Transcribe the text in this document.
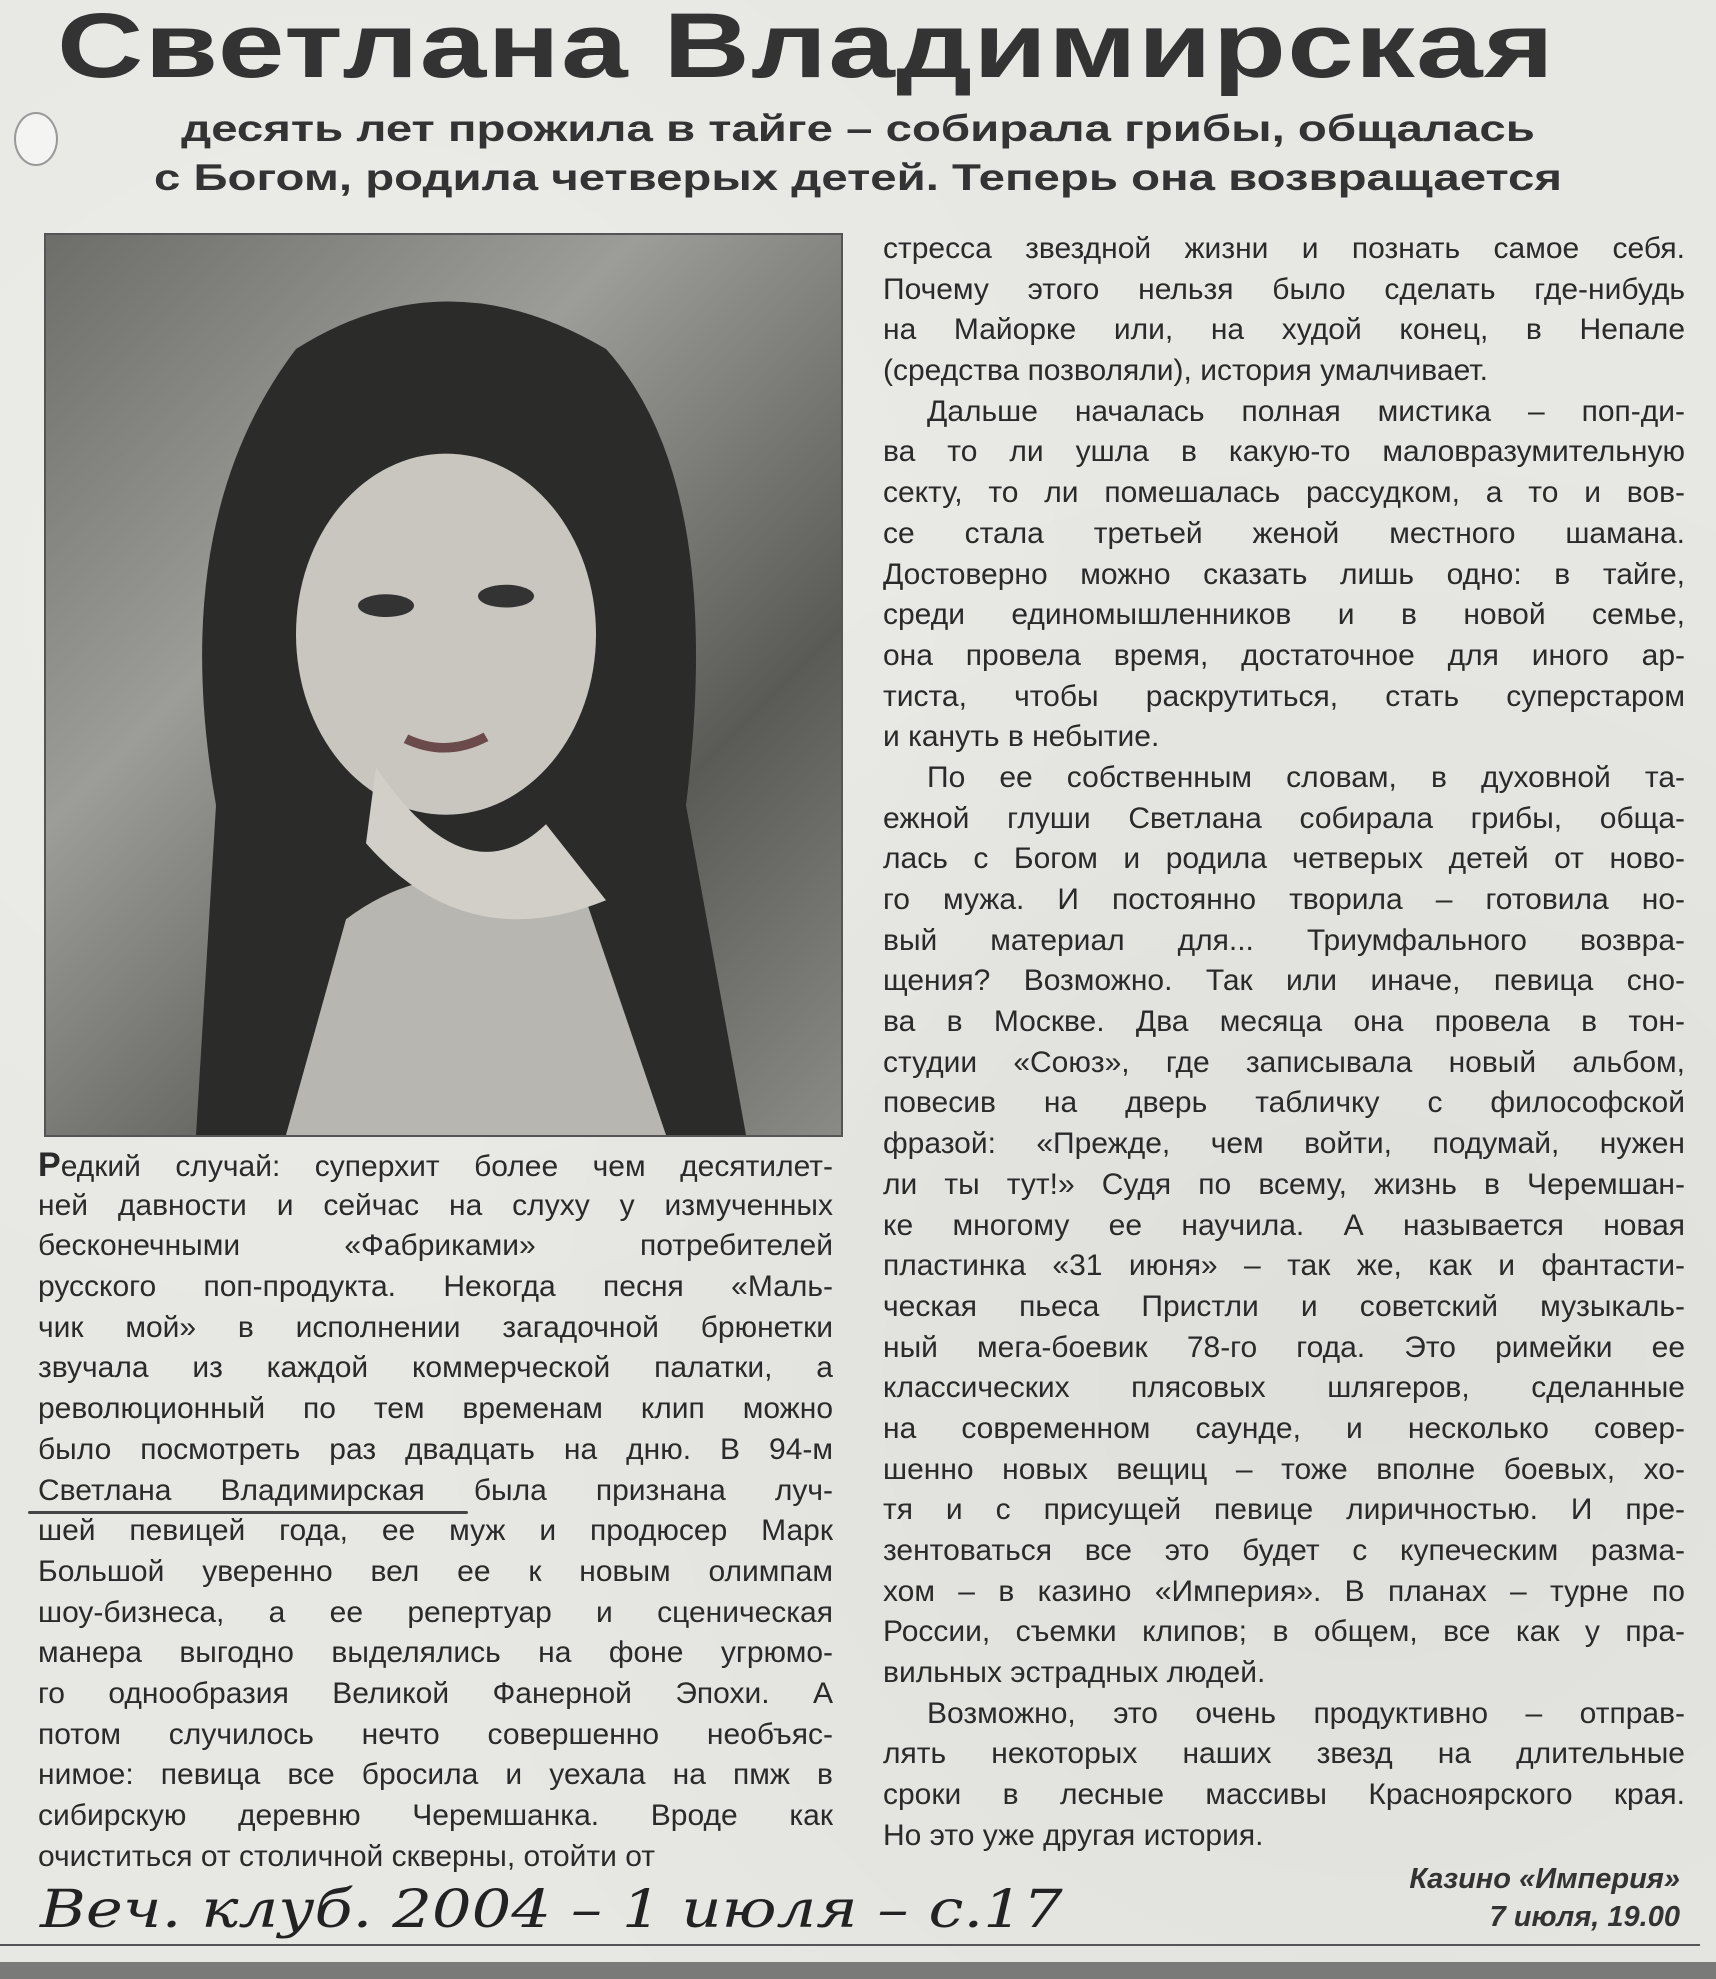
Светлана Владимирская
десять лет прожила в тайге – собирала грибы, общалась
с Богом, родила четверых детей. Теперь она возвращается
Редкий случай: суперхит более чем десятилет-
ней давности и сейчас на слуху у измученных
бесконечными «Фабриками» потребителей
русского поп-продукта. Некогда песня «Маль-
чик мой» в исполнении загадочной брюнетки
звучала из каждой коммерческой палатки, а
революционный по тем временам клип можно
было посмотреть раз двадцать на дню. В 94-м
Светлана Владимирская была признана луч-
шей певицей года, ее муж и продюсер Марк
Большой уверенно вел ее к новым олимпам
шоу-бизнеса, а ее репертуар и сценическая
манера выгодно выделялись на фоне угрюмо-
го однообразия Великой Фанерной Эпохи. А
потом случилось нечто совершенно необъяс-
нимое: певица все бросила и уехала на пмж в
сибирскую деревню Черемшанка. Вроде как
очиститься от столичной скверны, отойти от
стресса звездной жизни и познать самое себя.
Почему этого нельзя было сделать где-нибудь
на Майорке или, на худой конец, в Непале
(средства позволяли), история умалчивает.
Дальше началась полная мистика – поп-ди-
ва то ли ушла в какую-то маловразумительную
секту, то ли помешалась рассудком, а то и вов-
се стала третьей женой местного шамана.
Достоверно можно сказать лишь одно: в тайге,
среди единомышленников и в новой семье,
она провела время, достаточное для иного ар-
тиста, чтобы раскрутиться, стать суперстаром
и кануть в небытие.
По ее собственным словам, в духовной та-
ежной глуши Светлана собирала грибы, обща-
лась с Богом и родила четверых детей от ново-
го мужа. И постоянно творила – готовила но-
вый материал для... Триумфального возвра-
щения? Возможно. Так или иначе, певица сно-
ва в Москве. Два месяца она провела в тон-
студии «Союз», где записывала новый альбом,
повесив на дверь табличку с философской
фразой: «Прежде, чем войти, подумай, нужен
ли ты тут!» Судя по всему, жизнь в Черемшан-
ке многому ее научила. А называется новая
пластинка «31 июня» – так же, как и фантасти-
ческая пьеса Пристли и советский музыкаль-
ный мега-боевик 78-го года. Это римейки ее
классических плясовых шлягеров, сделанные
на современном саунде, и несколько совер-
шенно новых вещиц – тоже вполне боевых, хо-
тя и с присущей певице лиричностью. И пре-
зентоваться все это будет с купеческим разма-
хом – в казино «Империя». В планах – турне по
России, съемки клипов; в общем, все как у пра-
вильных эстрадных людей.
Возможно, это очень продуктивно – отправ-
лять некоторых наших звезд на длительные
сроки в лесные массивы Красноярского края.
Но это уже другая история.
Казино «Империя»
7 июля, 19.00
Веч. клуб. 2004 – 1 июля – с.17
